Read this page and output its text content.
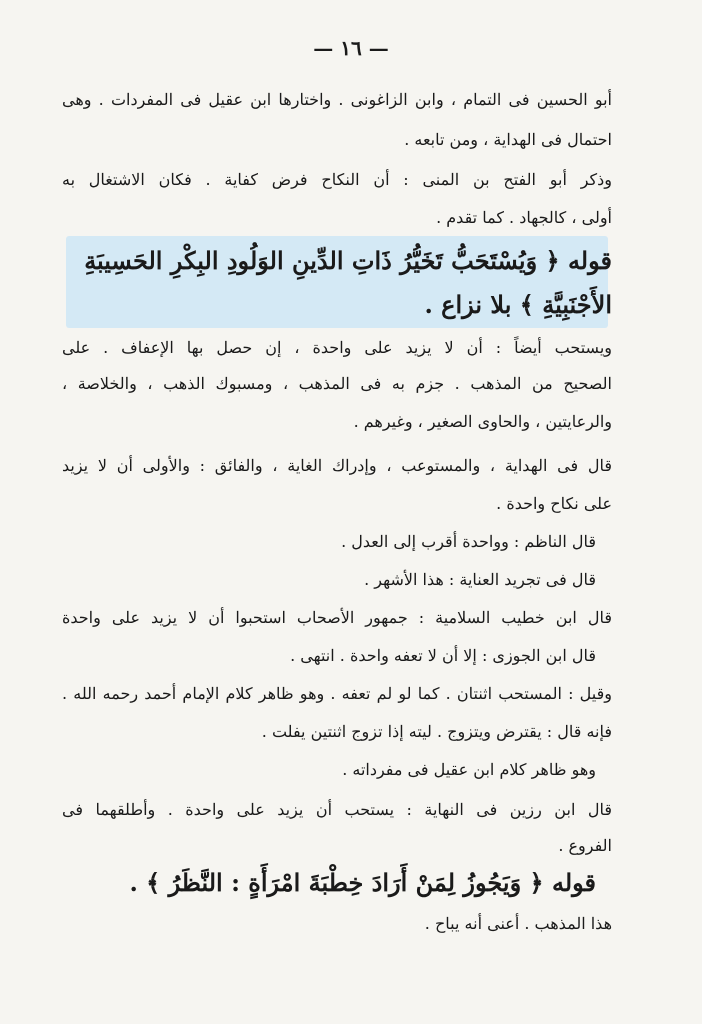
— ١٦ —
أبو الحسين فى التمام ، وابن الزاغونى . واختارها ابن عقيل فى المفردات . وهى
احتمال فى الهداية ، ومن تابعه .
وذكر أبو الفتح بن المنى : أن النكاح فرض كفاية . فكان الاشتغال به
أولى ، كالجهاد . كما تقدم .
قوله ﴿ وَيُسْتَحَبُّ تَخَيُّرُ ذَاتِ الدِّينِ الوَلُودِ البِكْرِ الحَسِيبَةِ
الأَجْنَبِيَّةِ ﴾ بلا نزاع .
ويستحب أيضاً : أن لا يزيد على واحدة ، إن حصل بها الإعفاف . على
الصحيح من المذهب . جزم به فى المذهب ، ومسبوك الذهب ، والخلاصة ،
والرعايتين ، والحاوى الصغير ، وغيرهم .
قال فى الهداية ، والمستوعب ، وإدراك الغاية ، والفائق : والأولى أن لا يزيد
على نكاح واحدة .
قال الناظم : وواحدة أقرب إلى العدل .
قال فى تجريد العناية : هذا الأشهر .
قال ابن خطيب السلامية : جمهور الأصحاب استحبوا أن لا يزيد على واحدة
قال ابن الجوزى : إلا أن لا تعفه واحدة . انتهى .
وقيل : المستحب اثنتان . كما لو لم تعفه . وهو ظاهر كلام الإمام أحمد رحمه الله .
فإنه قال : يقترض ويتزوج . ليته إذا تزوج اثنتين يفلت .
وهو ظاهر كلام ابن عقيل فى مفرداته .
قال ابن رزين فى النهاية : يستحب أن يزيد على واحدة . وأطلقهما فى
الفروع .
قوله ﴿ وَيَجُوزُ لِمَنْ أَرَادَ خِطْبَةَ امْرَأَةٍ : النَّظَرُ ﴾ .
هذا المذهب . أعنى أنه يباح .
